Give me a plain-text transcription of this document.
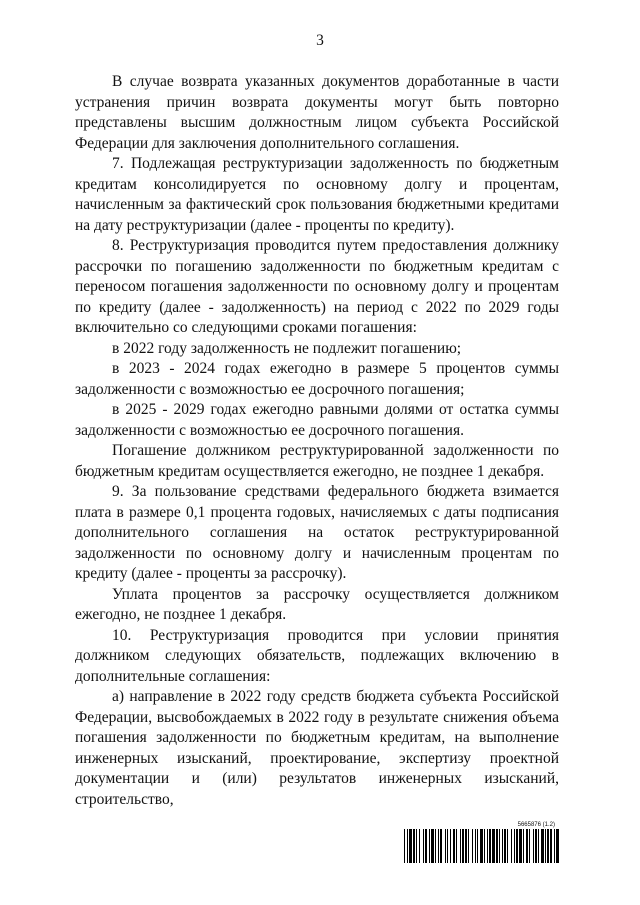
3

В случае возврата указанных документов доработанные в части устранения причин возврата документы могут быть повторно представлены высшим должностным лицом субъекта Российской Федерации для заключения дополнительного соглашения.

7. Подлежащая реструктуризации задолженность по бюджетным кредитам консолидируется по основному долгу и процентам, начисленным за фактический срок пользования бюджетными кредитами на дату реструктуризации (далее - проценты по кредиту).

8. Реструктуризация проводится путем предоставления должнику рассрочки по погашению задолженности по бюджетным кредитам с переносом погашения задолженности по основному долгу и процентам по кредиту (далее - задолженность) на период с 2022 по 2029 годы включительно со следующими сроками погашения:

в 2022 году задолженность не подлежит погашению;

в 2023 - 2024 годах ежегодно в размере 5 процентов суммы задолженности с возможностью ее досрочного погашения;

в 2025 - 2029 годах ежегодно равными долями от остатка суммы задолженности с возможностью ее досрочного погашения.

Погашение должником реструктурированной задолженности по бюджетным кредитам осуществляется ежегодно, не позднее 1 декабря.

9. За пользование средствами федерального бюджета взимается плата в размере 0,1 процента годовых, начисляемых с даты подписания дополнительного соглашения на остаток реструктурированной задолженности по основному долгу и начисленным процентам по кредиту (далее - проценты за рассрочку).

Уплата процентов за рассрочку осуществляется должником ежегодно, не позднее 1 декабря.

10. Реструктуризация проводится при условии принятия должником следующих обязательств, подлежащих включению в дополнительные соглашения:

а) направление в 2022 году средств бюджета субъекта Российской Федерации, высвобождаемых в 2022 году в результате снижения объема погашения задолженности по бюджетным кредитам, на выполнение инженерных изысканий, проектирование, экспертизу проектной документации и (или) результатов инженерных изысканий, строительство,

5665876 (1.2)
